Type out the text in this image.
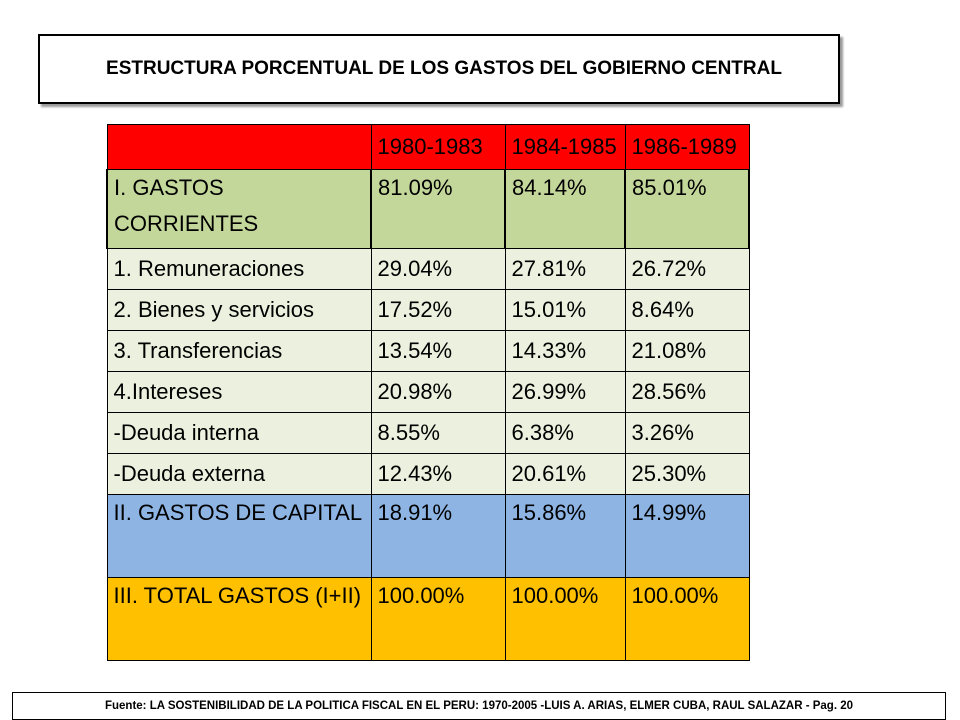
ESTRUCTURA PORCENTUAL DE LOS GASTOS DEL GOBIERNO CENTRAL
	1980-1983	1984-1985	1986-1989
I. GASTOS CORRIENTES	81.09%	84.14%	85.01%
1. Remuneraciones	29.04%	27.81%	26.72%
2. Bienes y servicios	17.52%	15.01%	8.64%
3. Transferencias	13.54%	14.33%	21.08%
4.Intereses	20.98%	26.99%	28.56%
-Deuda interna	8.55%	6.38%	3.26%
-Deuda externa	12.43%	20.61%	25.30%
II. GASTOS DE CAPITAL	18.91%	15.86%	14.99%
III. TOTAL GASTOS (I+II)	100.00%	100.00%	100.00%
Fuente: LA SOSTENIBILIDAD DE LA POLITICA FISCAL EN EL PERU: 1970-2005 -LUIS A. ARIAS, ELMER CUBA, RAUL SALAZAR - Pag. 20
